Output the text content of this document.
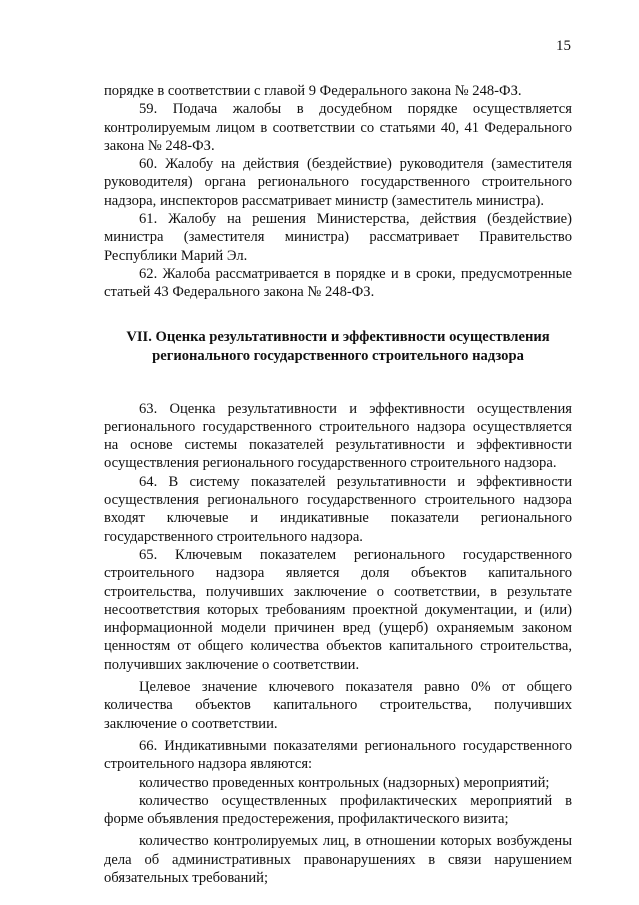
15

порядке в соответствии с главой 9 Федерального закона № 248-ФЗ.

59. Подача жалобы в досудебном порядке осуществляется контролируемым лицом в соответствии со статьями 40, 41 Федерального закона № 248-ФЗ.

60. Жалобу на действия (бездействие) руководителя (заместителя руководителя) органа регионального государственного строительного надзора, инспекторов рассматривает министр (заместитель министра).

61. Жалобу на решения Министерства, действия (бездействие) министра (заместителя министра) рассматривает Правительство Республики Марий Эл.

62. Жалоба рассматривается в порядке и в сроки, предусмотренные статьей 43 Федерального закона № 248-ФЗ.

VII. Оценка результативности и эффективности осуществления
регионального государственного строительного надзора

63. Оценка результативности и эффективности осуществления регионального государственного строительного надзора осуществляется на основе системы показателей результативности и эффективности осуществления регионального государственного строительного надзора.

64. В систему показателей результативности и эффективности осуществления регионального государственного строительного надзора входят ключевые и индикативные показатели регионального государственного строительного надзора.

65. Ключевым показателем регионального государственного строительного надзора является доля объектов капитального строительства, получивших заключение о соответствии, в результате несоответствия которых требованиям проектной документации, и (или) информационной модели причинен вред (ущерб) охраняемым законом ценностям от общего количества объектов капитального строительства, получивших заключение о соответствии.

Целевое значение ключевого показателя равно 0% от общего количества объектов капитального строительства, получивших заключение о соответствии.

66. Индикативными показателями регионального государственного строительного надзора являются:

количество проведенных контрольных (надзорных) мероприятий;

количество осуществленных профилактических мероприятий в форме объявления предостережения, профилактического визита;

количество контролируемых лиц, в отношении которых возбуждены дела об административных правонарушениях в связи нарушением обязательных требований;
